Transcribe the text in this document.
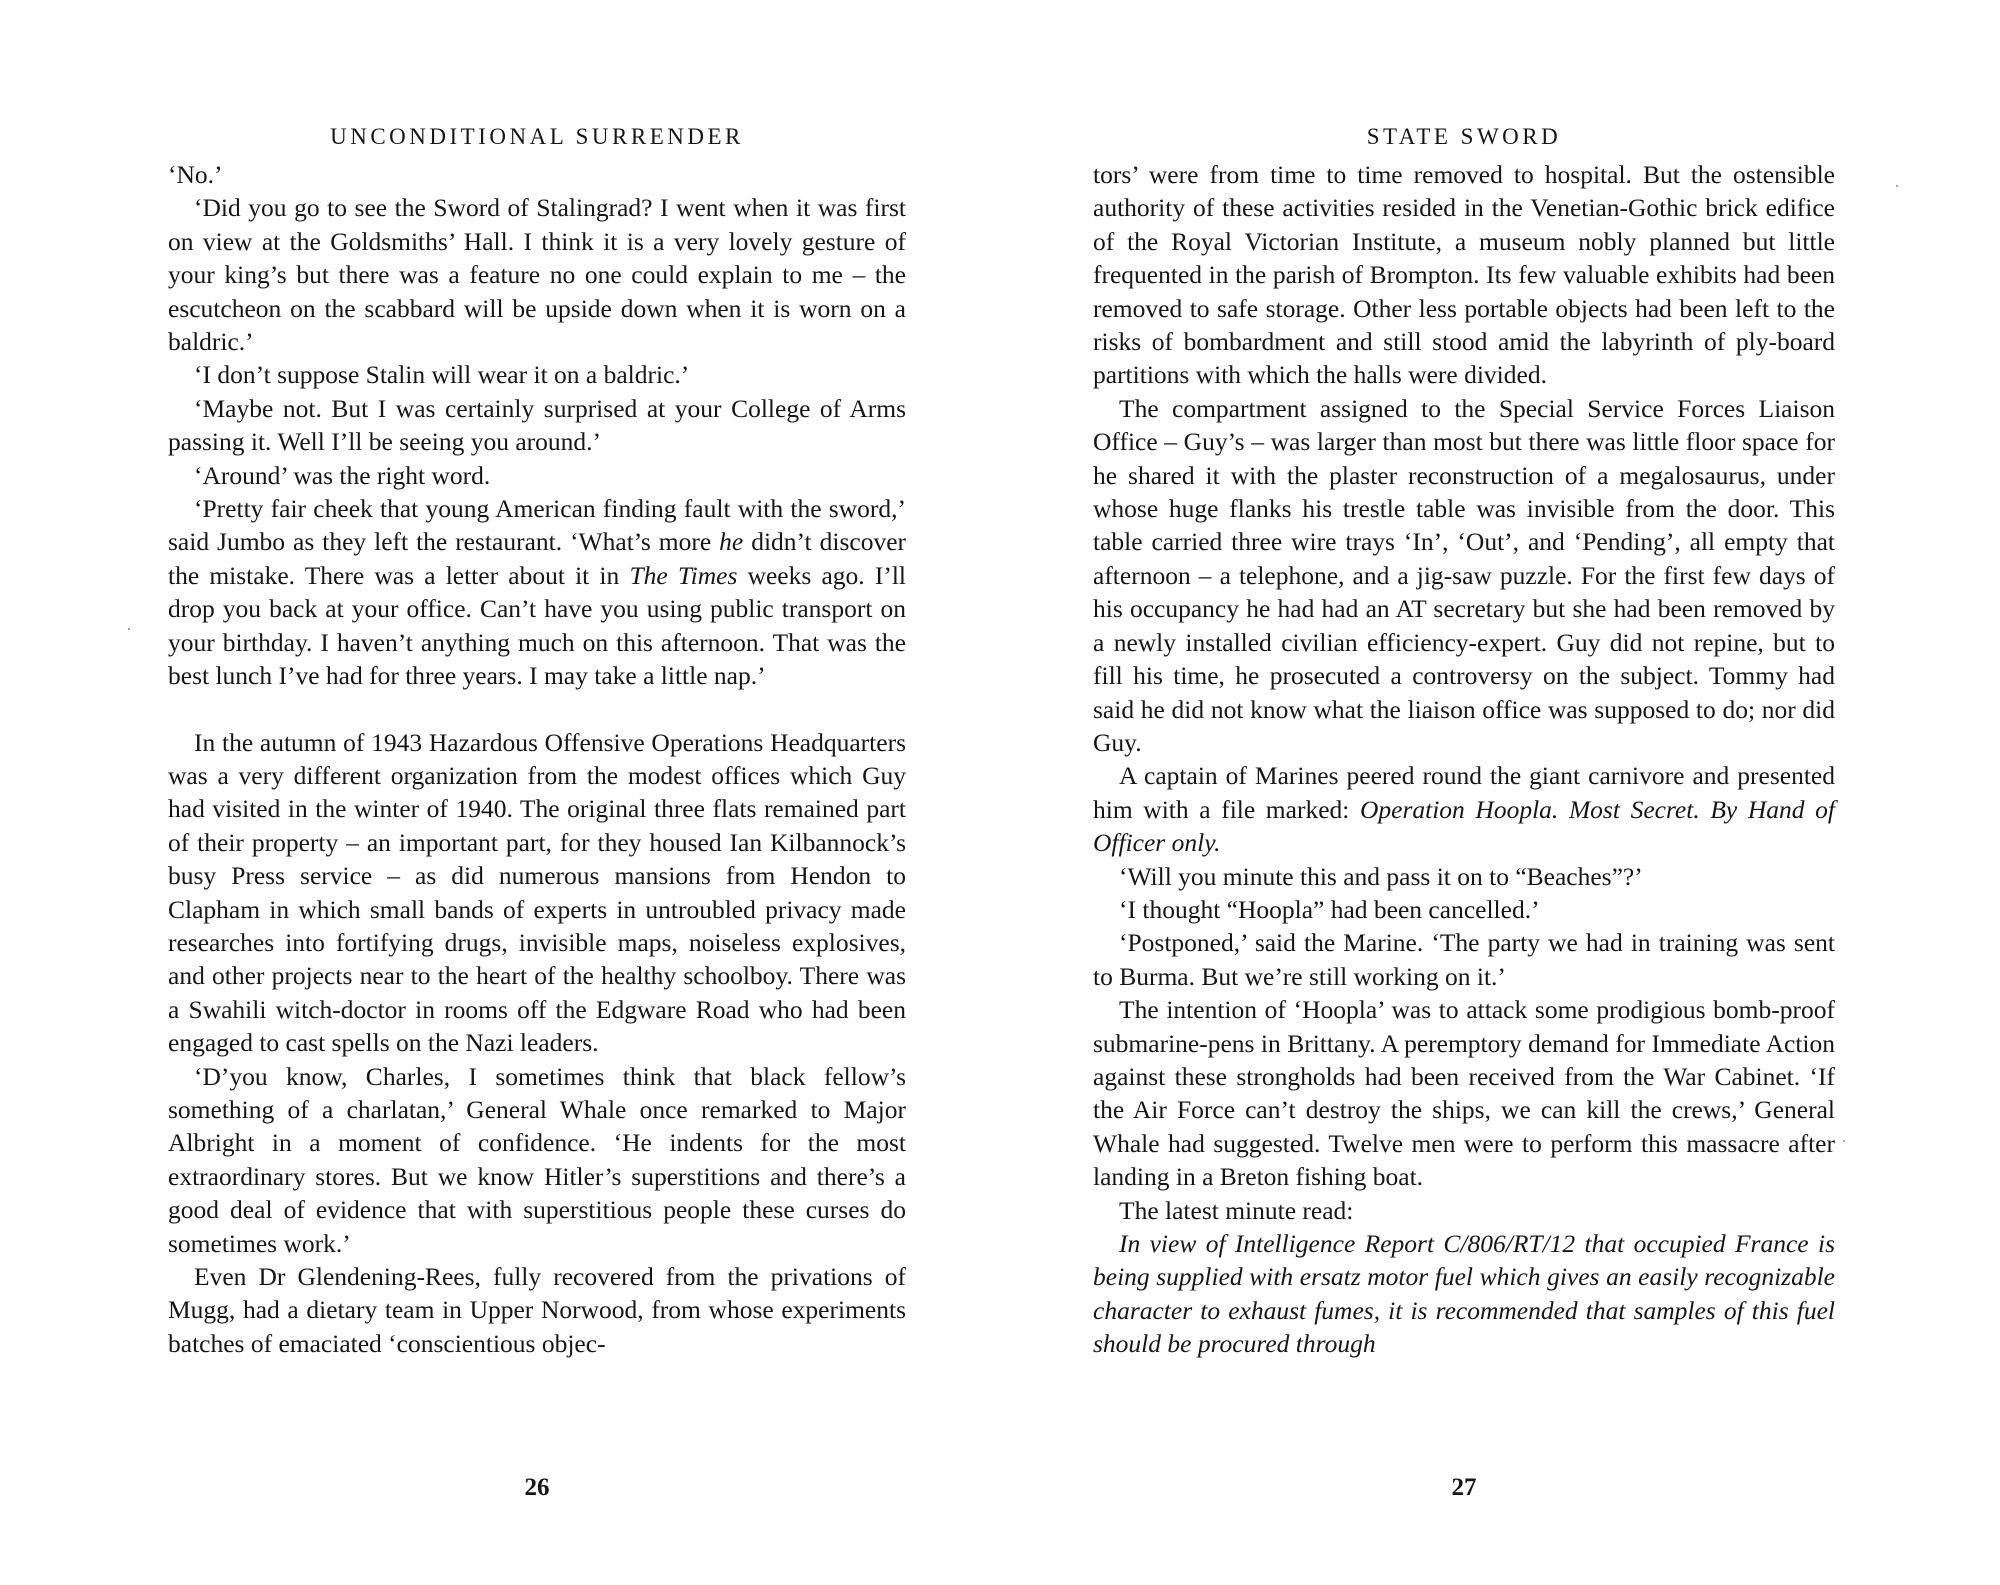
UNCONDITIONAL SURRENDER

‘No.’

‘Did you go to see the Sword of Stalingrad? I went when it was first on view at the Goldsmiths’ Hall. I think it is a very lovely gesture of your king’s but there was a feature no one could explain to me – the escutcheon on the scabbard will be upside down when it is worn on a baldric.’

‘I don’t suppose Stalin will wear it on a baldric.’

‘Maybe not. But I was certainly surprised at your College of Arms passing it. Well I’ll be seeing you around.’

‘Around’ was the right word.

‘Pretty fair cheek that young American finding fault with the sword,’ said Jumbo as they left the restaurant. ‘What’s more he didn’t discover the mistake. There was a letter about it in The Times weeks ago. I’ll drop you back at your office. Can’t have you using public transport on your birthday. I haven’t anything much on this afternoon. That was the best lunch I’ve had for three years. I may take a little nap.’

In the autumn of 1943 Hazardous Offensive Operations Headquarters was a very different organization from the modest offices which Guy had visited in the winter of 1940. The original three flats remained part of their property – an important part, for they housed Ian Kilbannock’s busy Press service – as did numerous mansions from Hendon to Clapham in which small bands of experts in untroubled privacy made researches into fortifying drugs, invisible maps, noiseless explosives, and other projects near to the heart of the healthy schoolboy. There was a Swahili witch-doctor in rooms off the Edgware Road who had been engaged to cast spells on the Nazi leaders.

‘D’you know, Charles, I sometimes think that black fellow’s something of a charlatan,’ General Whale once remarked to Major Albright in a moment of confidence. ‘He indents for the most extraordinary stores. But we know Hitler’s superstitions and there’s a good deal of evidence that with superstitious people these curses do sometimes work.’

Even Dr Glendening-Rees, fully recovered from the privations of Mugg, had a dietary team in Upper Norwood, from whose experiments batches of emaciated ‘conscientious objec-

26
STATE SWORD

tors’ were from time to time removed to hospital. But the ostensible authority of these activities resided in the Venetian-Gothic brick edifice of the Royal Victorian Institute, a museum nobly planned but little frequented in the parish of Brompton. Its few valuable exhibits had been removed to safe storage. Other less portable objects had been left to the risks of bombardment and still stood amid the labyrinth of ply-board partitions with which the halls were divided.

The compartment assigned to the Special Service Forces Liaison Office – Guy’s – was larger than most but there was little floor space for he shared it with the plaster reconstruction of a megalosaurus, under whose huge flanks his trestle table was invisible from the door. This table carried three wire trays ‘In’, ‘Out’, and ‘Pending’, all empty that afternoon – a telephone, and a jig-saw puzzle. For the first few days of his occupancy he had had an AT secretary but she had been removed by a newly installed civilian efficiency-expert. Guy did not repine, but to fill his time, he prosecuted a controversy on the subject. Tommy had said he did not know what the liaison office was supposed to do; nor did Guy.

A captain of Marines peered round the giant carnivore and presented him with a file marked: Operation Hoopla. Most Secret. By Hand of Officer only.

‘Will you minute this and pass it on to “Beaches”?’

‘I thought “Hoopla” had been cancelled.’

‘Postponed,’ said the Marine. ‘The party we had in training was sent to Burma. But we’re still working on it.’

The intention of ‘Hoopla’ was to attack some prodigious bomb-proof submarine-pens in Brittany. A peremptory demand for Immediate Action against these strongholds had been received from the War Cabinet. ‘If the Air Force can’t destroy the ships, we can kill the crews,’ General Whale had suggested. Twelve men were to perform this massacre after landing in a Breton fishing boat.

The latest minute read:

In view of Intelligence Report C/806/RT/12 that occupied France is being supplied with ersatz motor fuel which gives an easily recognizable character to exhaust fumes, it is recommended that samples of this fuel should be procured through

27
